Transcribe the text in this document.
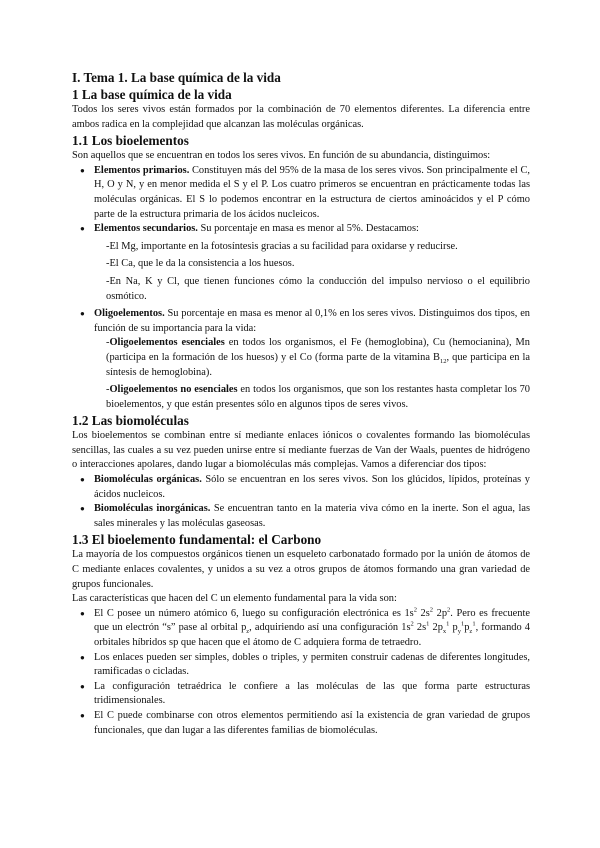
I. Tema 1. La base química de la vida
1 La base química de la vida

Todos los seres vivos están formados por la combinación de 70 elementos diferentes. La diferencia entre ambos radica en la complejidad que alcanzan las moléculas orgánicas.

1.1 Los bioelementos

Son aquellos que se encuentran en todos los seres vivos. En función de su abundancia, distinguimos:

● Elementos primarios. Constituyen más del 95% de la masa de los seres vivos. Son principalmente el C, H, O y N, y en menor medida el S y el P. Los cuatro primeros se encuentran en prácticamente todas las moléculas orgánicas. El S lo podemos encontrar en la estructura de ciertos aminoácidos y el P cómo parte de la estructura primaria de los ácidos nucleicos.

● Elementos secundarios. Su porcentaje en masa es menor al 5%. Destacamos:

-El Mg, importante en la fotosíntesis gracias a su facilidad para oxidarse y reducirse.

-El Ca, que le da la consistencia a los huesos.

-En Na, K y Cl, que tienen funciones cómo la conducción del impulso nervioso o el equilibrio osmótico.

● Oligoelementos. Su porcentaje en masa es menor al 0,1% en los seres vivos. Distinguimos dos tipos, en función de su importancia para la vida:

-Oligoelementos esenciales en todos los organismos, el Fe (hemoglobina), Cu (hemocianina), Mn (participa en la formación de los huesos) y el Co (forma parte de la vitamina $B_{12}$, que participa en la síntesis de hemoglobina).

-Oligoelementos no esenciales en todos los organismos, que son los restantes hasta completar los 70 bioelementos, y que están presentes sólo en algunos tipos de seres vivos.

1.2 Las biomoléculas

Los bioelementos se combinan entre sí mediante enlaces iónicos o covalentes formando las biomoléculas sencillas, las cuales a su vez pueden unirse entre sí mediante fuerzas de Van der Waals, puentes de hidrógeno o interacciones apolares, dando lugar a biomoléculas más complejas. Vamos a diferenciar dos tipos:

● Biomoléculas orgánicas. Sólo se encuentran en los seres vivos. Son los glúcidos, lípidos, proteínas y ácidos nucleicos.

● Biomoléculas inorgánicas. Se encuentran tanto en la materia viva cómo en la inerte. Son el agua, las sales minerales y las moléculas gaseosas.

1.3 El bioelemento fundamental: el Carbono

La mayoría de los compuestos orgánicos tienen un esqueleto carbonatado formado por la unión de átomos de C mediante enlaces covalentes, y unidos a su vez a otros grupos de átomos formando una gran variedad de grupos funcionales.

Las características que hacen del C un elemento fundamental para la vida son:

● El C posee un número atómico 6, luego su configuración electrónica es $1s^2$ $2s^2$ $2p^2$. Pero es frecuente que un electrón “s” pase al orbital $p_z$, adquiriendo así una configuración $1s^2$ $2s^1$ $2p_x^1$ $p_y^1p_z^1$, formando 4 orbitales híbridos sp que hacen que el átomo de C adquiera forma de tetraedro.

● Los enlaces pueden ser simples, dobles o triples, y permiten construir cadenas de diferentes longitudes, ramificadas o cicladas.

● La configuración tetraédrica le confiere a las moléculas de las que forma parte estructuras tridimensionales.

● El C puede combinarse con otros elementos permitiendo así la existencia de gran variedad de grupos funcionales, que dan lugar a las diferentes familias de biomoléculas.
